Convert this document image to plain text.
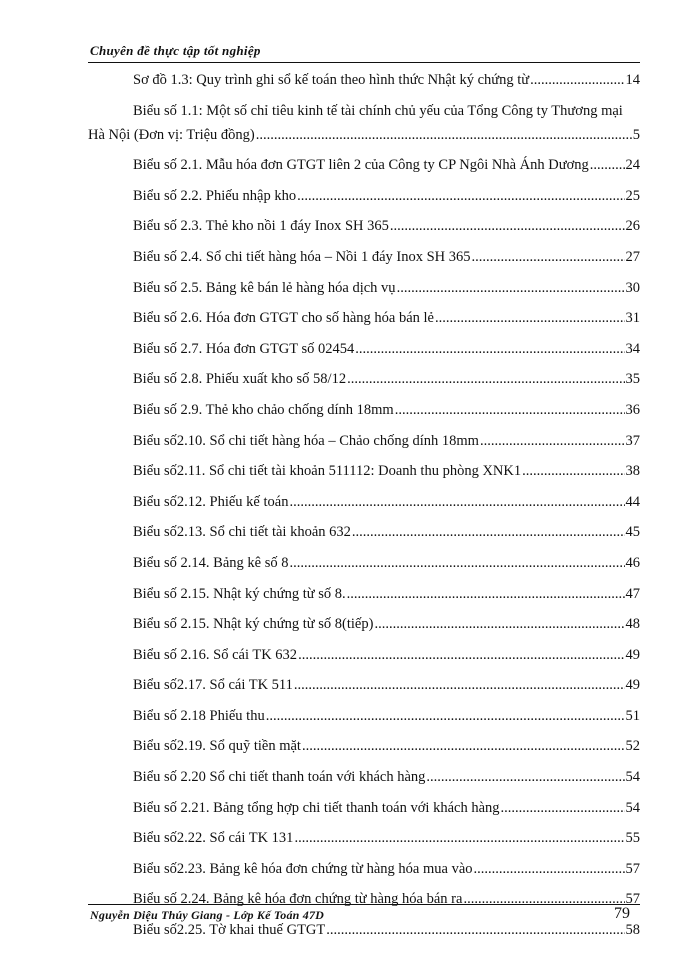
Chuyên đề thực tập tốt nghiệp
Sơ đồ 1.3: Quy trình ghi sổ kế toán theo hình thức Nhật ký chứng từ .....	14
Biểu số 1.1: Một số chỉ tiêu kinh tế tài chính chủ yếu của Tổng Công ty Thương mại
Hà Nội (Đơn vị: Triệu đồng) .....	5
Biểu số 2.1. Mẫu hóa đơn GTGT liên 2 của Công ty CP Ngôi Nhà Ánh Dương .....	24
Biểu số 2.2. Phiếu nhập kho .....	25
Biểu số 2.3. Thẻ kho nồi 1 đáy Inox SH 365 .....	26
Biểu số 2.4. Sổ chi tiết hàng hóa – Nồi 1 đáy Inox SH 365 .....	27
Biểu số 2.5. Bảng kê bán lẻ hàng hóa dịch vụ .....	30
Biểu số 2.6. Hóa đơn GTGT cho số hàng hóa bán lẻ .....	31
Biểu số 2.7. Hóa đơn GTGT số 02454 .....	34
Biểu số 2.8. Phiếu xuất kho số 58/12 .....	35
Biểu số 2.9. Thẻ kho chảo chống dính 18mm .....	36
Biểu số2.10. Sổ chi tiết hàng hóa – Chảo chống dính 18mm .....	37
Biểu số2.11. Sổ chi tiết tài khoản 511112: Doanh thu phòng XNK1 .....	38
Biểu số2.12. Phiếu kế toán .....	44
Biểu số2.13. Sổ chi tiết tài khoản 632 .....	45
Biểu số 2.14. Bảng kê số 8 .....	46
Biểu số 2.15. Nhật ký chứng từ số 8. .....	47
Biểu số 2.15. Nhật ký chứng từ số 8(tiếp) .....	48
Biểu số 2.16. Sổ cái TK 632 .....	49
Biểu số2.17. Sổ cái TK 511 .....	49
Biểu số 2.18 Phiếu thu .....	51
Biểu số2.19. Sổ quỹ tiền mặt .....	52
Biểu số 2.20 Sổ chi tiết thanh toán với khách hàng .....	54
Biểu số 2.21. Bảng tổng hợp chi tiết thanh toán với khách hàng .....	54
Biểu số2.22. Sổ cái TK 131 .....	55
Biểu số2.23. Bảng kê hóa đơn chứng từ hàng hóa mua vào .....	57
Biểu số 2.24. Bảng kê hóa đơn chứng từ hàng hóa bán ra .....	57
Biểu số2.25. Tờ khai thuế GTGT .....	58
Nguyễn Diệu Thúy Giang - Lớp Kế Toán 47D	79
